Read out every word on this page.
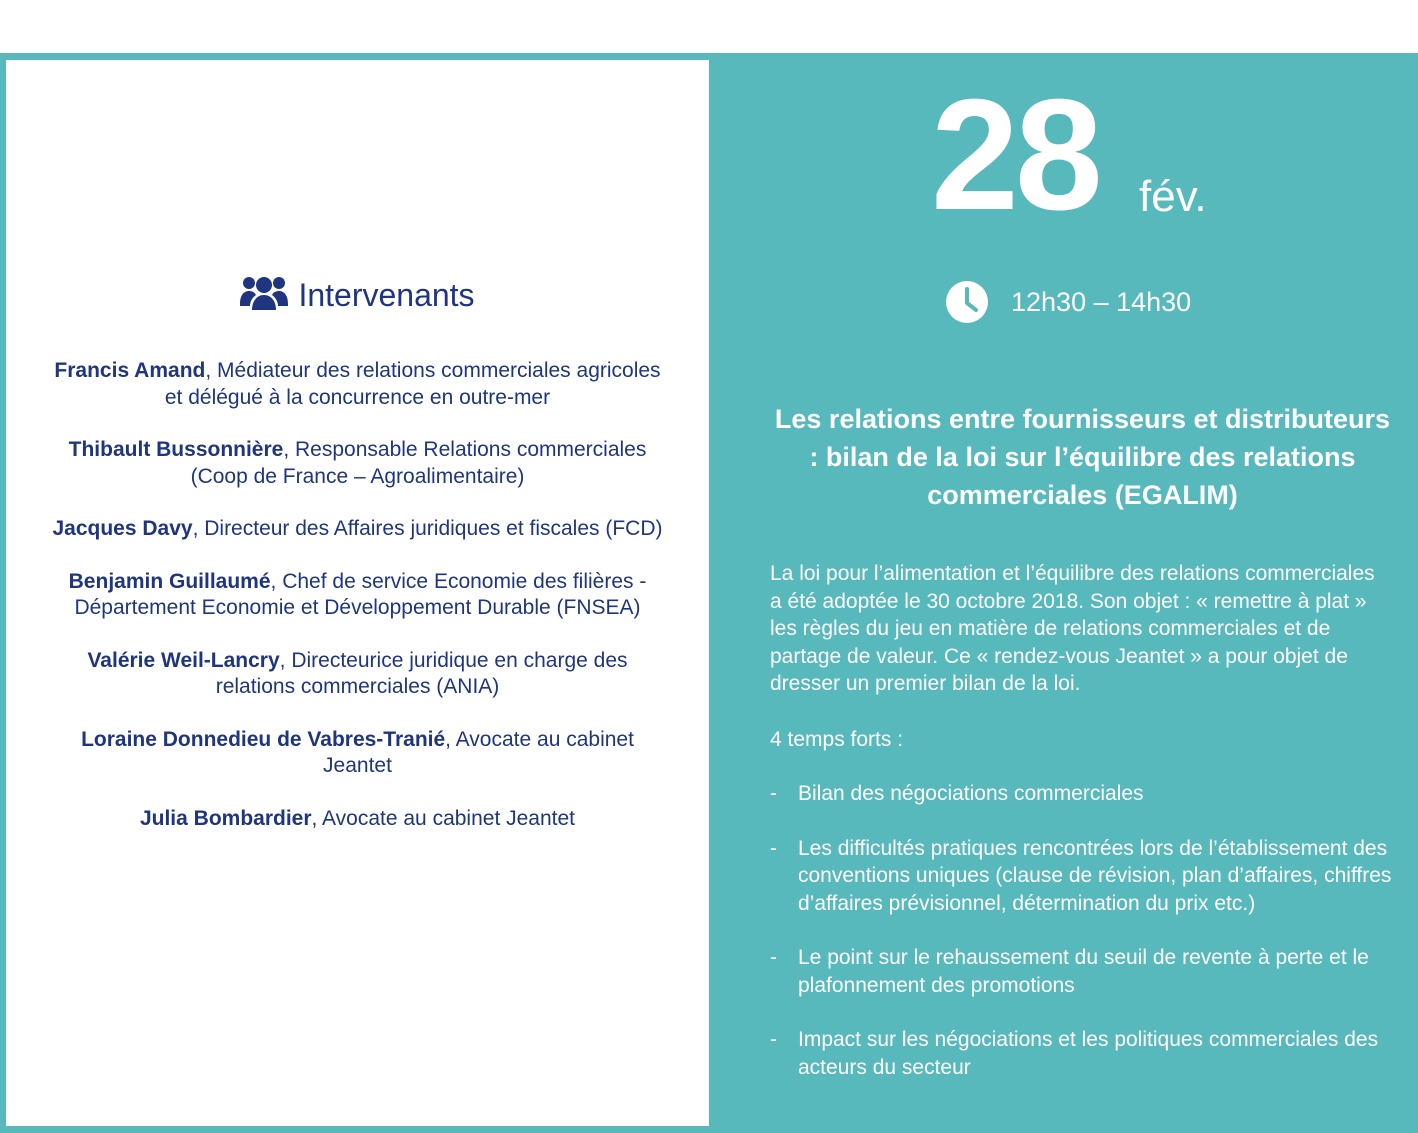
Intervenants
Francis Amand, Médiateur des relations commerciales agricoles et délégué à la concurrence en outre-mer
Thibault Bussonnière, Responsable Relations commerciales (Coop de France – Agroalimentaire)
Jacques Davy, Directeur des Affaires juridiques et fiscales (FCD)
Benjamin Guillaumé, Chef de service Economie des filières - Département Economie et Développement Durable (FNSEA)
Valérie Weil-Lancry, Directeurice juridique en charge des relations commerciales (ANIA)
Loraine Donnedieu de Vabres-Tranié, Avocate au cabinet Jeantet
Julia Bombardier, Avocate au cabinet Jeantet
28 fév.
12h30 – 14h30
Les relations entre fournisseurs et distributeurs : bilan de la loi sur l’équilibre des relations commerciales (EGALIM)

La loi pour l’alimentation et l’équilibre des relations commerciales a été adoptée le 30 octobre 2018. Son objet : « remettre à plat » les règles du jeu en matière de relations commerciales et de partage de valeur. Ce « rendez-vous Jeantet » a pour objet de dresser un premier bilan de la loi.

4 temps forts :

- Bilan des négociations commerciales
- Les difficultés pratiques rencontrées lors de l’établissement des conventions uniques (clause de révision, plan d’affaires, chiffres d’affaires prévisionnel, détermination du prix etc.)
- Le point sur le rehaussement du seuil de revente à perte et le plafonnement des promotions
- Impact sur les négociations et les politiques commerciales des acteurs du secteur
